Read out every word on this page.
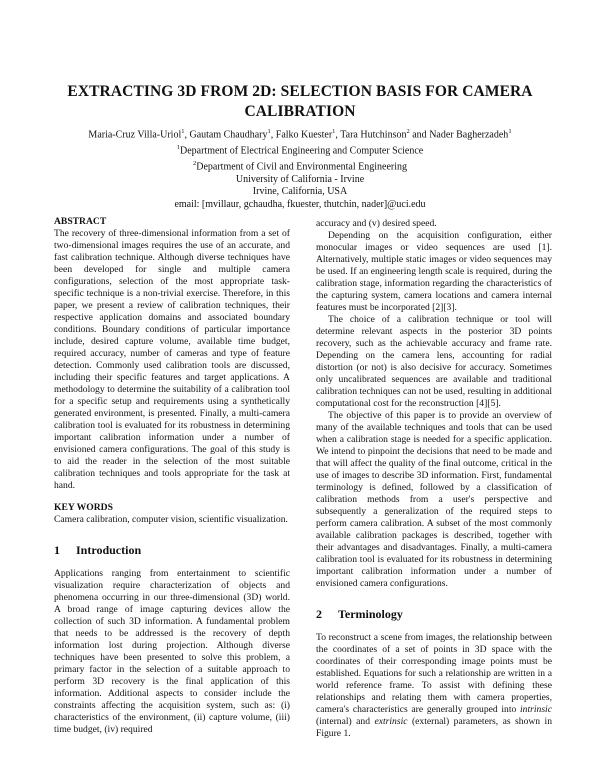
EXTRACTING 3D FROM 2D: SELECTION BASIS FOR CAMERA CALIBRATION
Maria-Cruz Villa-Uriol$^1$, Gautam Chaudhary$^1$, Falko Kuester$^1$, Tara Hutchinson$^2$ and Nader Bagherzadeh$^1$
$^1$Department of Electrical Engineering and Computer Science
$^2$Department of Civil and Environmental Engineering
University of California - Irvine
Irvine, California, USA
email: [mvillaur, gchaudha, fkuester, thutchin, nader]@uci.edu
ABSTRACT

The recovery of three-dimensional information from a set of two-dimensional images requires the use of an accurate, and fast calibration technique. Although diverse techniques have been developed for single and multiple camera configurations, selection of the most appropriate task-specific technique is a non-trivial exercise. Therefore, in this paper, we present a review of calibration techniques, their respective application domains and associated boundary conditions. Boundary conditions of particular importance include, desired capture volume, available time budget, required accuracy, number of cameras and type of feature detection. Commonly used calibration tools are discussed, including their specific features and target applications. A methodology to determine the suitability of a calibration tool for a specific setup and requirements using a synthetically generated environment, is presented. Finally, a multi-camera calibration tool is evaluated for its robustness in determining important calibration information under a number of envisioned camera configurations. The goal of this study is to aid the reader in the selection of the most suitable calibration techniques and tools appropriate for the task at hand.

KEY WORDS

Camera calibration, computer vision, scientific visualization.

1 Introduction

Applications ranging from entertainment to scientific visualization require characterization of objects and phenomena occurring in our three-dimensional (3D) world. A broad range of image capturing devices allow the collection of such 3D information. A fundamental problem that needs to be addressed is the recovery of depth information lost during projection. Although diverse techniques have been presented to solve this problem, a primary factor in the selection of a suitable approach to perform 3D recovery is the final application of this information. Additional aspects to consider include the constraints affecting the acquisition system, such as: (i) characteristics of the environment, (ii) capture volume, (iii) time budget, (iv) required

accuracy and (v) desired speed.

Depending on the acquisition configuration, either monocular images or video sequences are used [1]. Alternatively, multiple static images or video sequences may be used. If an engineering length scale is required, during the calibration stage, information regarding the characteristics of the capturing system, camera locations and camera internal features must be incorporated [2][3].

The choice of a calibration technique or tool will determine relevant aspects in the posterior 3D points recovery, such as the achievable accuracy and frame rate. Depending on the camera lens, accounting for radial distortion (or not) is also decisive for accuracy. Sometimes only uncalibrated sequences are available and traditional calibration techniques can not be used, resulting in additional computational cost for the reconstruction [4][5].

The objective of this paper is to provide an overview of many of the available techniques and tools that can be used when a calibration stage is needed for a specific application. We intend to pinpoint the decisions that need to be made and that will affect the quality of the final outcome, critical in the use of images to describe 3D information. First, fundamental terminology is defined, followed by a classification of calibration methods from a user's perspective and subsequently a generalization of the required steps to perform camera calibration. A subset of the most commonly available calibration packages is described, together with their advantages and disadvantages. Finally, a multi-camera calibration tool is evaluated for its robustness in determining important calibration information under a number of envisioned camera configurations.

2 Terminology

To reconstruct a scene from images, the relationship between the coordinates of a set of points in 3D space with the coordinates of their corresponding image points must be established. Equations for such a relationship are written in a world reference frame. To assist with defining these relationships and relating them with camera properties, camera's characteristics are generally grouped into intrinsic (internal) and extrinsic (external) parameters, as shown in Figure 1.
